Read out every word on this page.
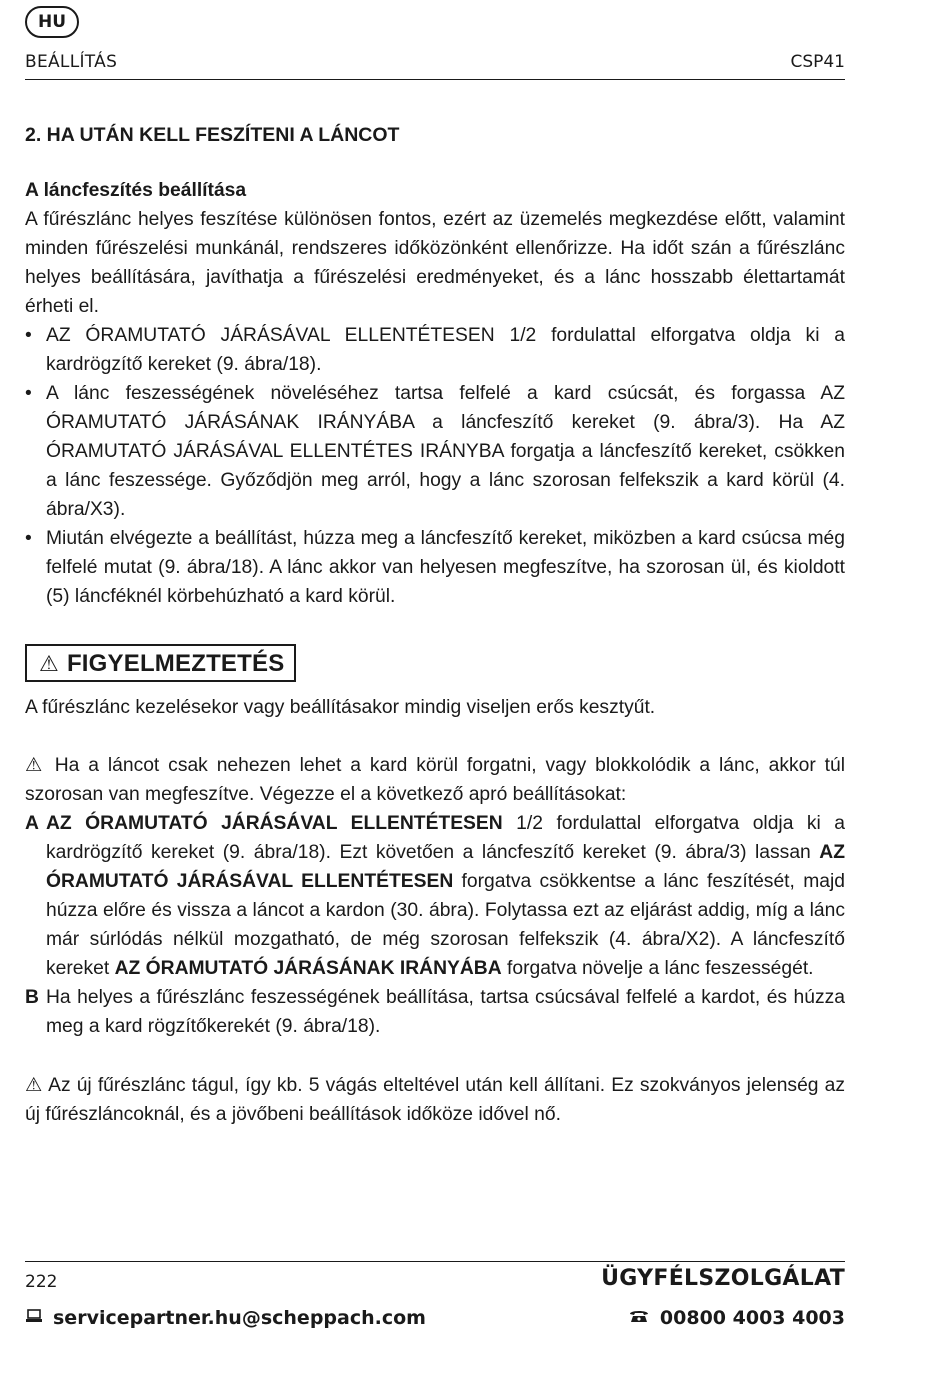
HU
BEÁLLÍTÁS	CSP41
2. HA UTÁN KELL FESZÍTENI A LÁNCOT
A láncfeszítés beállítása

A fűrészlánc helyes feszítése különösen fontos, ezért az üzemelés megkezdése előtt, valamint minden fűrészelési munkánál, rendszeres időközönként ellenőrizze. Ha időt szán a fűrészlánc helyes beállítására, javíthatja a fűrészelési eredményeket, és a lánc hosszabb élettartamát érheti el.

• AZ ÓRAMUTATÓ JÁRÁSÁVAL ELLENTÉTESEN 1/2 fordulattal elforgatva oldja ki a kardrögzítő kereket (9. ábra/18).
• A lánc feszességének növeléséhez tartsa felfelé a kard csúcsát, és forgassa AZ ÓRAMUTATÓ JÁRÁSÁNAK IRÁNYÁBA a láncfeszítő kereket (9. ábra/3). Ha AZ ÓRAMUTATÓ JÁRÁSÁVAL ELLENTÉTES IRÁNYBA forgatja a láncfeszítő kereket, csökken a lánc feszessége. Győződjön meg arról, hogy a lánc szorosan felfekszik a kard körül (4. ábra/X3).
• Miután elvégezte a beállítást, húzza meg a láncfeszítő kereket, miközben a kard csúcsa még felfelé mutat (9. ábra/18). A lánc akkor van helyesen megfeszítve, ha szorosan ül, és kioldott (5) láncféknél körbehúzható a kard körül.
⚠ FIGYELMEZTETÉS

A fűrészlánc kezelésekor vagy beállításakor mindig viseljen erős kesztyűt.

⚠ Ha a láncot csak nehezen lehet a kard körül forgatni, vagy blokkolódik a lánc, akkor túl szorosan van megfeszítve. Végezze el a következő apró beállításokat:

A AZ ÓRAMUTATÓ JÁRÁSÁVAL ELLENTÉTESEN 1/2 fordulattal elforgatva oldja ki a kardrögzítő kereket (9. ábra/18). Ezt követően a láncfeszítő kereket (9. ábra/3) lassan AZ ÓRAMUTATÓ JÁRÁSÁVAL ELLENTÉTESEN forgatva csökkentse a lánc feszítését, majd húzza előre és vissza a láncot a kardon (30. ábra). Folytassa ezt az eljárást addig, míg a lánc már súrlódás nélkül mozgatható, de még szorosan felfekszik (4. ábra/X2). A láncfeszítő kereket AZ ÓRAMUTATÓ JÁRÁSÁNAK IRÁNYÁBA forgatva növelje a lánc feszességét.
B Ha helyes a fűrészlánc feszességének beállítása, tartsa csúcsával felfelé a kardot, és húzza meg a kard rögzítőkerekét (9. ábra/18).

⚠ Az új fűrészlánc tágul, így kb. 5 vágás elteltével után kell állítani. Ez szokványos jelenség az új fűrészláncoknál, és a jövőbeni beállítások időköze idővel nő.

222	ÜGYFÉLSZOLGÁLAT
servicepartner.hu@scheppach.com	00800 4003 4003
